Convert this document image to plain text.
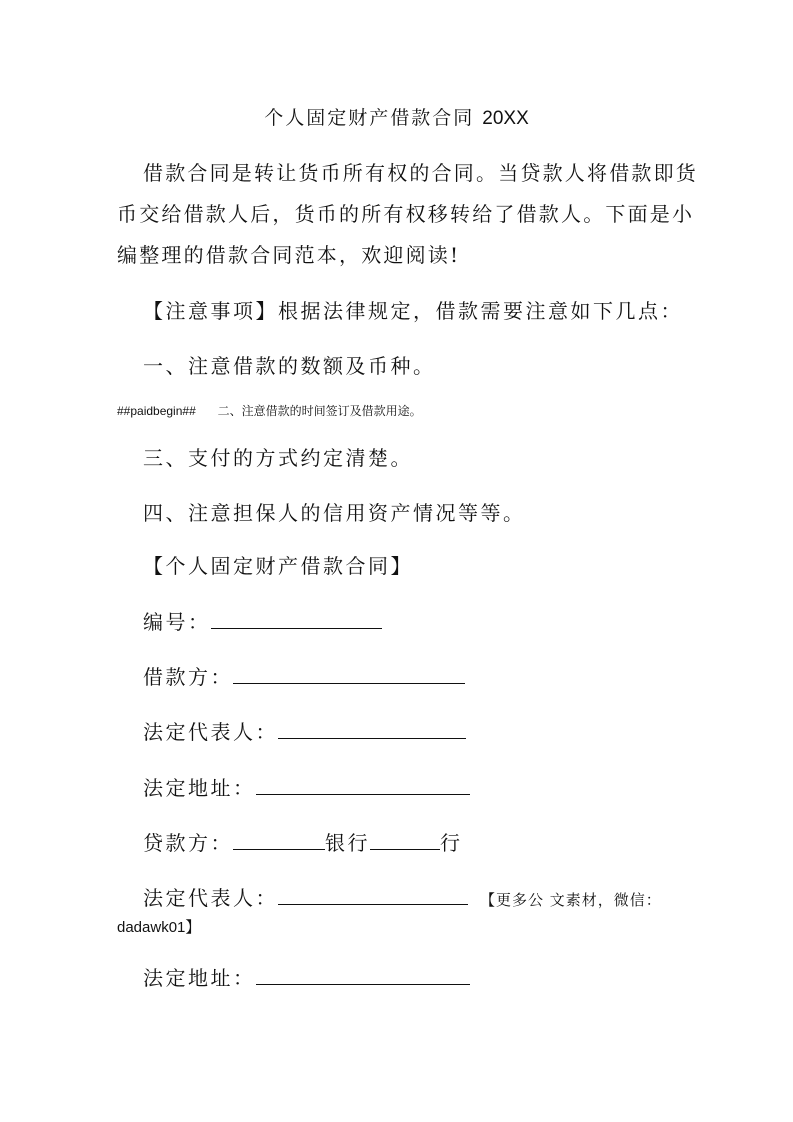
个人固定财产借款合同 20XX
借款合同是转让货币所有权的合同。当贷款人将借款即货
币交给借款人后，货币的所有权移转给了借款人。下面是小
编整理的借款合同范本，欢迎阅读!
【注意事项】根据法律规定，借款需要注意如下几点：
一、注意借款的数额及币种。
##paidbegin## 二、注意借款的时间签订及借款用途。
三、支付的方式约定清楚。
四、注意担保人的信用资产情况等等。
【个人固定财产借款合同】
编号：
借款方：
法定代表人：
法定地址：
贷款方：	银行	行
法定代表人：	【更多公 文素材，微信：
dadawk01】
法定地址：
